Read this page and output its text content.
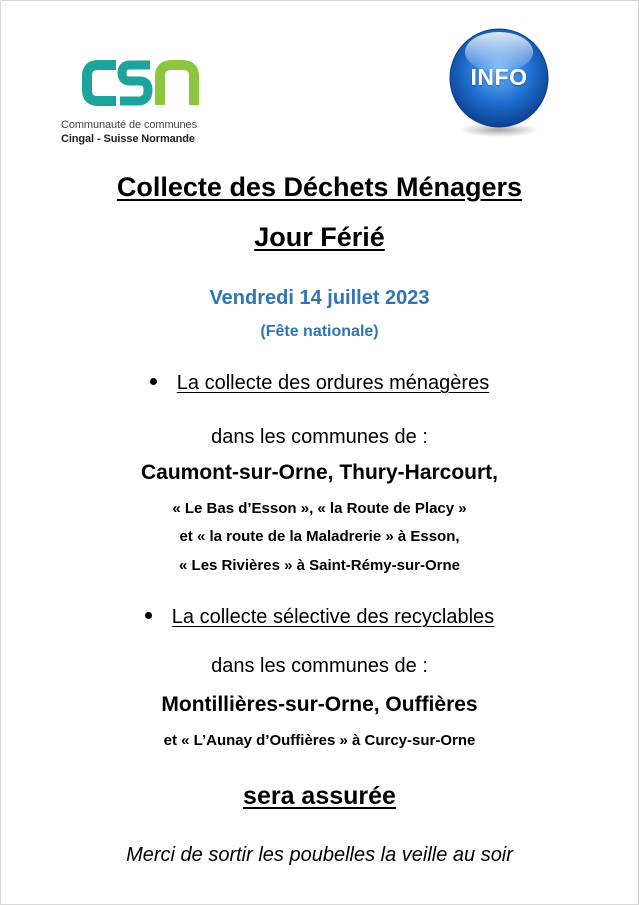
Communauté de communes
Cingal - Suisse Normande
INFO
Collecte des Déchets Ménagers
Jour Férié
Vendredi 14 juillet 2023
(Fête nationale)
La collecte des ordures ménagères
dans les communes de :
Caumont-sur-Orne, Thury-Harcourt,
« Le Bas d’Esson », « la Route de Placy »
et « la route de la Maladrerie » à Esson,
« Les Rivières » à Saint-Rémy-sur-Orne
La collecte sélective des recyclables
dans les communes de :
Montillières-sur-Orne, Ouffières
et « L’Aunay d’Ouffières » à Curcy-sur-Orne
sera assurée
Merci de sortir les poubelles la veille au soir
